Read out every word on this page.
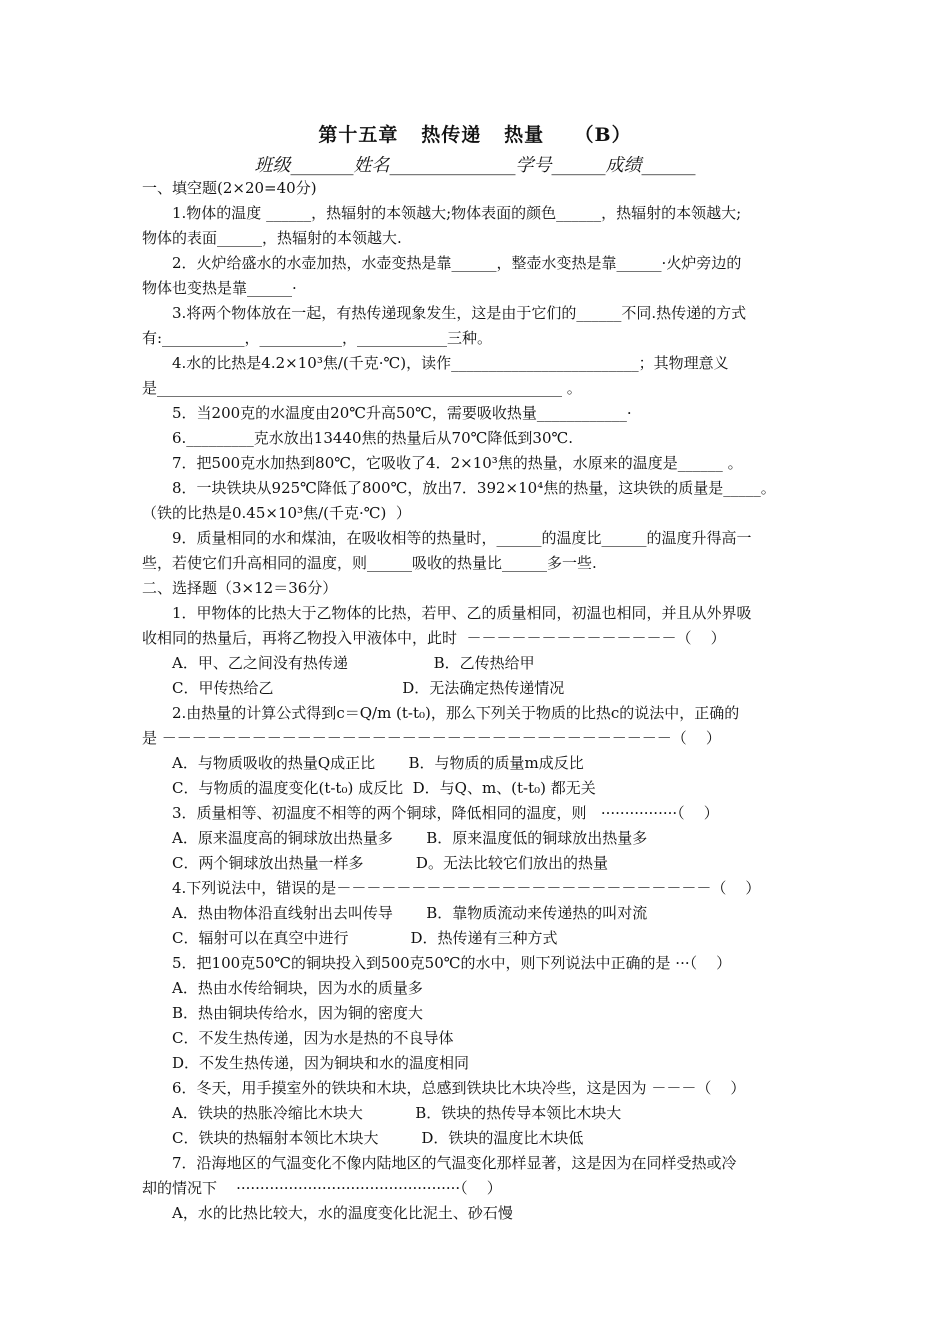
第十五章   热传递   热量    （B）
班级_______姓名______________学号______成绩______
一、填空题(2×20=40分)
1.物体的温度 ______，热辐射的本领越大;物体表面的颜色______，热辐射的本领越大;
物体的表面______，热辐射的本领越大.
2．火炉给盛水的水壶加热，水壶变热是靠______，整壶水变热是靠______·火炉旁边的
物体也变热是靠______·
3.将两个物体放在一起，有热传递现象发生，这是由于它们的______不同.热传递的方式
有:___________，___________，____________三种。
4.水的比热是4.2×10³焦/(千克·℃)，读作_________________________；其物理意义
是______________________________________________________ 。
5．当200克的水温度由20℃升高50℃，需要吸收热量____________·
6._________克水放出13440焦的热量后从70℃降低到30℃.
7．把500克水加热到80℃，它吸收了4．2×10³焦的热量，水原来的温度是______ 。
8．一块铁块从925℃降低了800℃，放出7．392×10⁴焦的热量，这块铁的质量是_____。
（铁的比热是0.45×10³焦/(千克·℃)  ）
9．质量相同的水和煤油，在吸收相等的热量时，______的温度比______的温度升得高一
些，若使它们升高相同的温度，则______吸收的热量比______多一些.
二、选择题（3×12＝36分）
1．甲物体的比热大于乙物体的比热，若甲、乙的质量相同，初温也相同，并且从外界吸
收相同的热量后，再将乙物投入甲液体中，此时  －－－－－－－－－－－－－－（    ）
A．甲、乙之间没有热传递                  B．乙传热给甲
C．甲传热给乙                           D．无法确定热传递情况
2.由热量的计算公式得到c＝Q/m (t-t₀)，那么下列关于物质的比热c的说法中，正确的
是 －－－－－－－－－－－－－－－－－－－－－－－－－－－－－－－－－－（    ）
A．与物质吸收的热量Q成正比       B．与物质的质量m成反比
C．与物质的温度变化(t-t₀) 成反比  D．与Q、m、(t-t₀) 都无关
3．质量相等、初温度不相等的两个铜球，降低相同的温度，则   ················（    ）
A．原来温度高的铜球放出热量多       B．原来温度低的铜球放出热量多
C．两个铜球放出热量一样多           D。无法比较它们放出的热量
4.下列说法中，错误的是－－－－－－－－－－－－－－－－－－－－－－－－－（    ）
A．热由物体沿直线射出去叫传导       B．靠物质流动来传递热的叫对流
C．辐射可以在真空中进行             D．热传递有三种方式
5．把100克50℃的铜块投入到500克50℃的水中，则下列说法中正确的是 ···（    ）
A．热由水传给铜块，因为水的质量多
B．热由铜块传给水，因为铜的密度大
C．不发生热传递，因为水是热的不良导体
D．不发生热传递，因为铜块和水的温度相同
6．冬天，用手摸室外的铁块和木块，总感到铁块比木块冷些，这是因为 －－－（    ）
A．铁块的热胀冷缩比木块大           B．铁块的热传导本领比木块大
C．铁块的热辐射本领比木块大         D．铁块的温度比木块低
7．沿海地区的气温变化不像内陆地区的气温变化那样显著，这是因为在同样受热或冷
却的情况下    ···············································（    ）
A，水的比热比较大，水的温度变化比泥土、砂石慢
